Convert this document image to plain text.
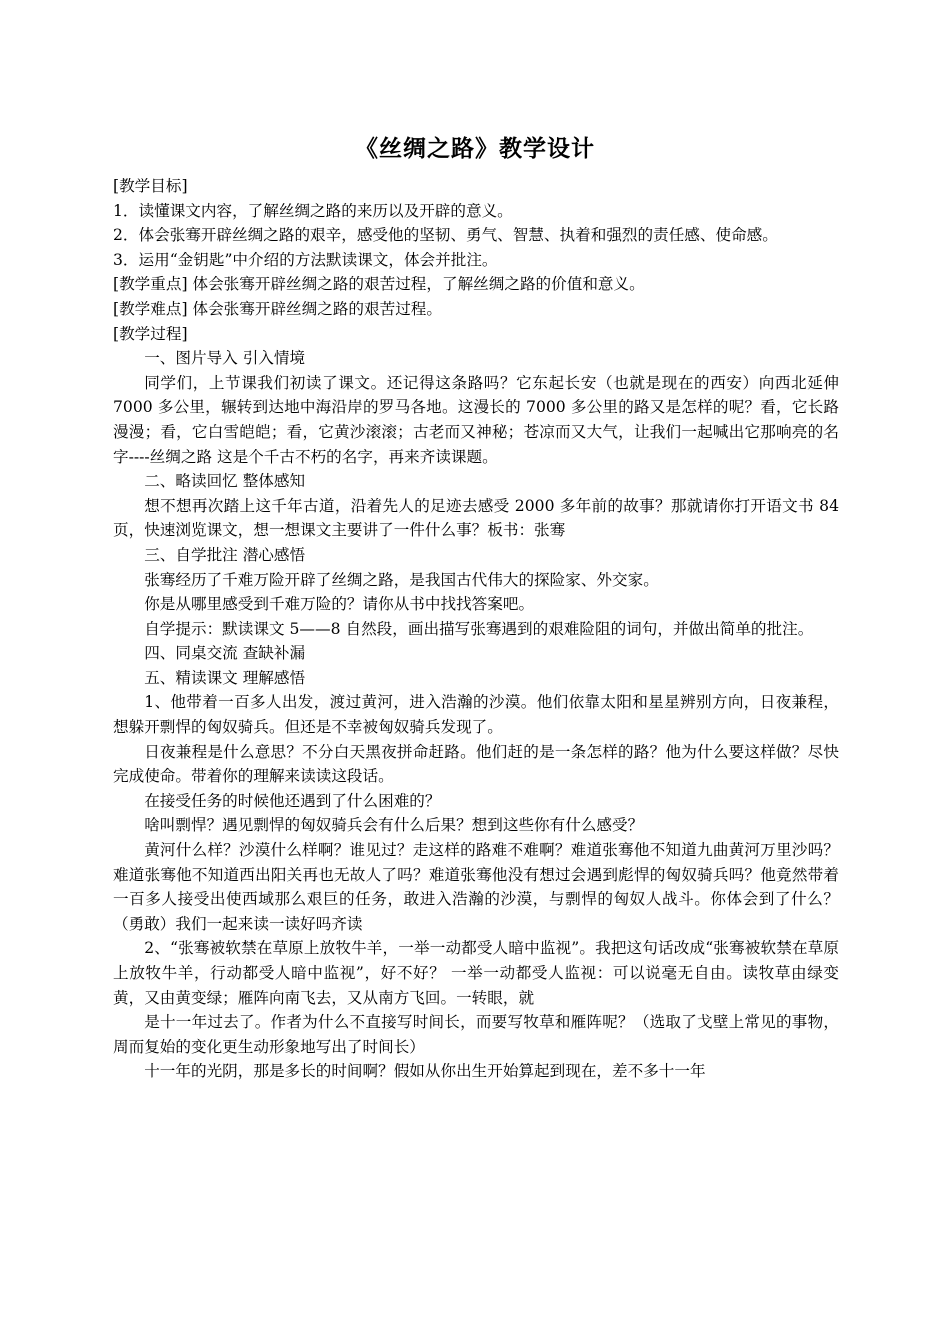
《丝绸之路》教学设计

[教学目标]

1．读懂课文内容，了解丝绸之路的来历以及开辟的意义。

2．体会张骞开辟丝绸之路的艰辛，感受他的坚韧、勇气、智慧、执着和强烈的责任感、使命感。

3．运用“金钥匙”中介绍的方法默读课文，体会并批注。

[教学重点] 体会张骞开辟丝绸之路的艰苦过程，了解丝绸之路的价值和意义。

[教学难点] 体会张骞开辟丝绸之路的艰苦过程。

[教学过程]

一、图片导入 引入情境

同学们，上节课我们初读了课文。还记得这条路吗？它东起长安（也就是现在的西安）向西北延伸 7000 多公里，辗转到达地中海沿岸的罗马各地。这漫长的 7000 多公里的路又是怎样的呢？看，它长路漫漫；看，它白雪皑皑；看，它黄沙滚滚；古老而又神秘；苍凉而又大气，让我们一起喊出它那响亮的名字----丝绸之路 这是个千古不朽的名字，再来齐读课题。

二、略读回忆 整体感知

想不想再次踏上这千年古道，沿着先人的足迹去感受 2000 多年前的故事？那就请你打开语文书 84 页，快速浏览课文，想一想课文主要讲了一件什么事？板书：张骞

三、自学批注 潜心感悟

张骞经历了千难万险开辟了丝绸之路，是我国古代伟大的探险家、外交家。

你是从哪里感受到千难万险的？请你从书中找找答案吧。

自学提示：默读课文 5——8 自然段，画出描写张骞遇到的艰难险阻的词句，并做出简单的批注。

四、同桌交流 查缺补漏

五、精读课文 理解感悟

1、他带着一百多人出发，渡过黄河，进入浩瀚的沙漠。他们依靠太阳和星星辨别方向，日夜兼程，想躲开剽悍的匈奴骑兵。但还是不幸被匈奴骑兵发现了。

日夜兼程是什么意思？不分白天黑夜拼命赶路。他们赶的是一条怎样的路？他为什么要这样做？尽快完成使命。带着你的理解来读读这段话。

在接受任务的时候他还遇到了什么困难的？

啥叫剽悍？遇见剽悍的匈奴骑兵会有什么后果？想到这些你有什么感受？

黄河什么样？沙漠什么样啊？谁见过？走这样的路难不难啊？难道张骞他不知道九曲黄河万里沙吗？难道张骞他不知道西出阳关再也无故人了吗？难道张骞他没有想过会遇到彪悍的匈奴骑兵吗？他竟然带着一百多人接受出使西域那么艰巨的任务，敢进入浩瀚的沙漠，与剽悍的匈奴人战斗。你体会到了什么？（勇敢）我们一起来读一读好吗齐读

2、“张骞被软禁在草原上放牧牛羊，一举一动都受人暗中监视”。我把这句话改成“张骞被软禁在草原上放牧牛羊，行动都受人暗中监视”，好不好？ 一举一动都受人监视：可以说毫无自由。读牧草由绿变黄，又由黄变绿；雁阵向南飞去，又从南方飞回。一转眼，就

是十一年过去了。作者为什么不直接写时间长，而要写牧草和雁阵呢？（选取了戈壁上常见的事物，周而复始的变化更生动形象地写出了时间长）

十一年的光阴，那是多长的时间啊？假如从你出生开始算起到现在，差不多十一年
